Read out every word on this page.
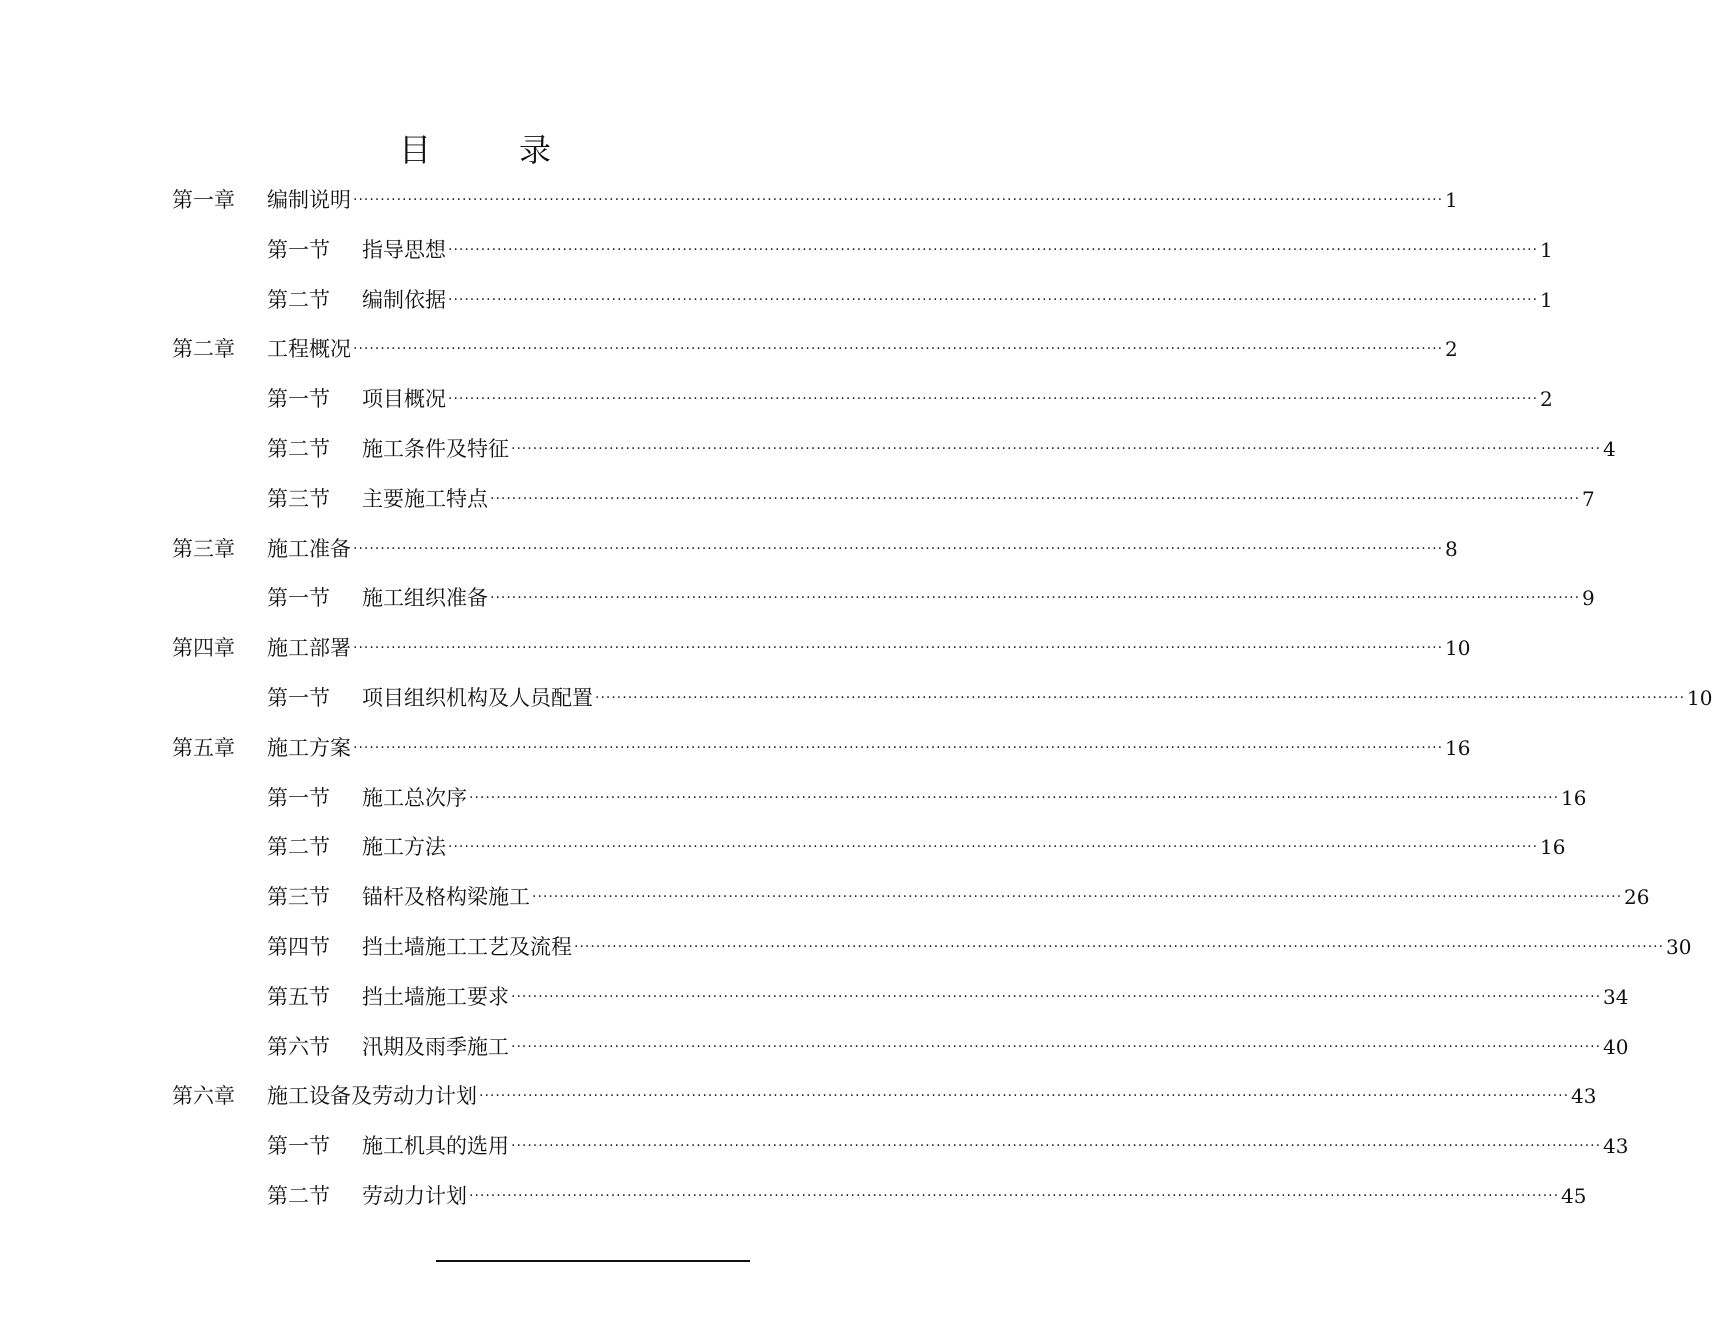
目　录
第一章	编制说明 ········································································································································································································ 1
第一节	指导思想 ········································································································································································································ 1
第二节	编制依据 ········································································································································································································ 1
第二章	工程概况 ········································································································································································································ 2
第一节	项目概况 ········································································································································································································ 2
第二节	施工条件及特征 ········································································································································································································ 4
第三节	主要施工特点 ········································································································································································································ 7
第三章	施工准备 ········································································································································································································ 8
第一节	施工组织准备 ········································································································································································································ 9
第四章	施工部署 ········································································································································································································ 10
第一节	项目组织机构及人员配置 ········································································································································································································ 10
第五章	施工方案 ········································································································································································································ 16
第一节	施工总次序 ········································································································································································································ 16
第二节	施工方法 ········································································································································································································ 16
第三节	锚杆及格构梁施工 ········································································································································································································ 26
第四节	挡土墙施工工艺及流程 ········································································································································································································ 30
第五节	挡土墙施工要求 ········································································································································································································ 34
第六节	汛期及雨季施工 ········································································································································································································ 40
第六章	施工设备及劳动力计划 ········································································································································································································ 43
第一节	施工机具的选用 ········································································································································································································ 43
第二节	劳动力计划 ········································································································································································································ 45
